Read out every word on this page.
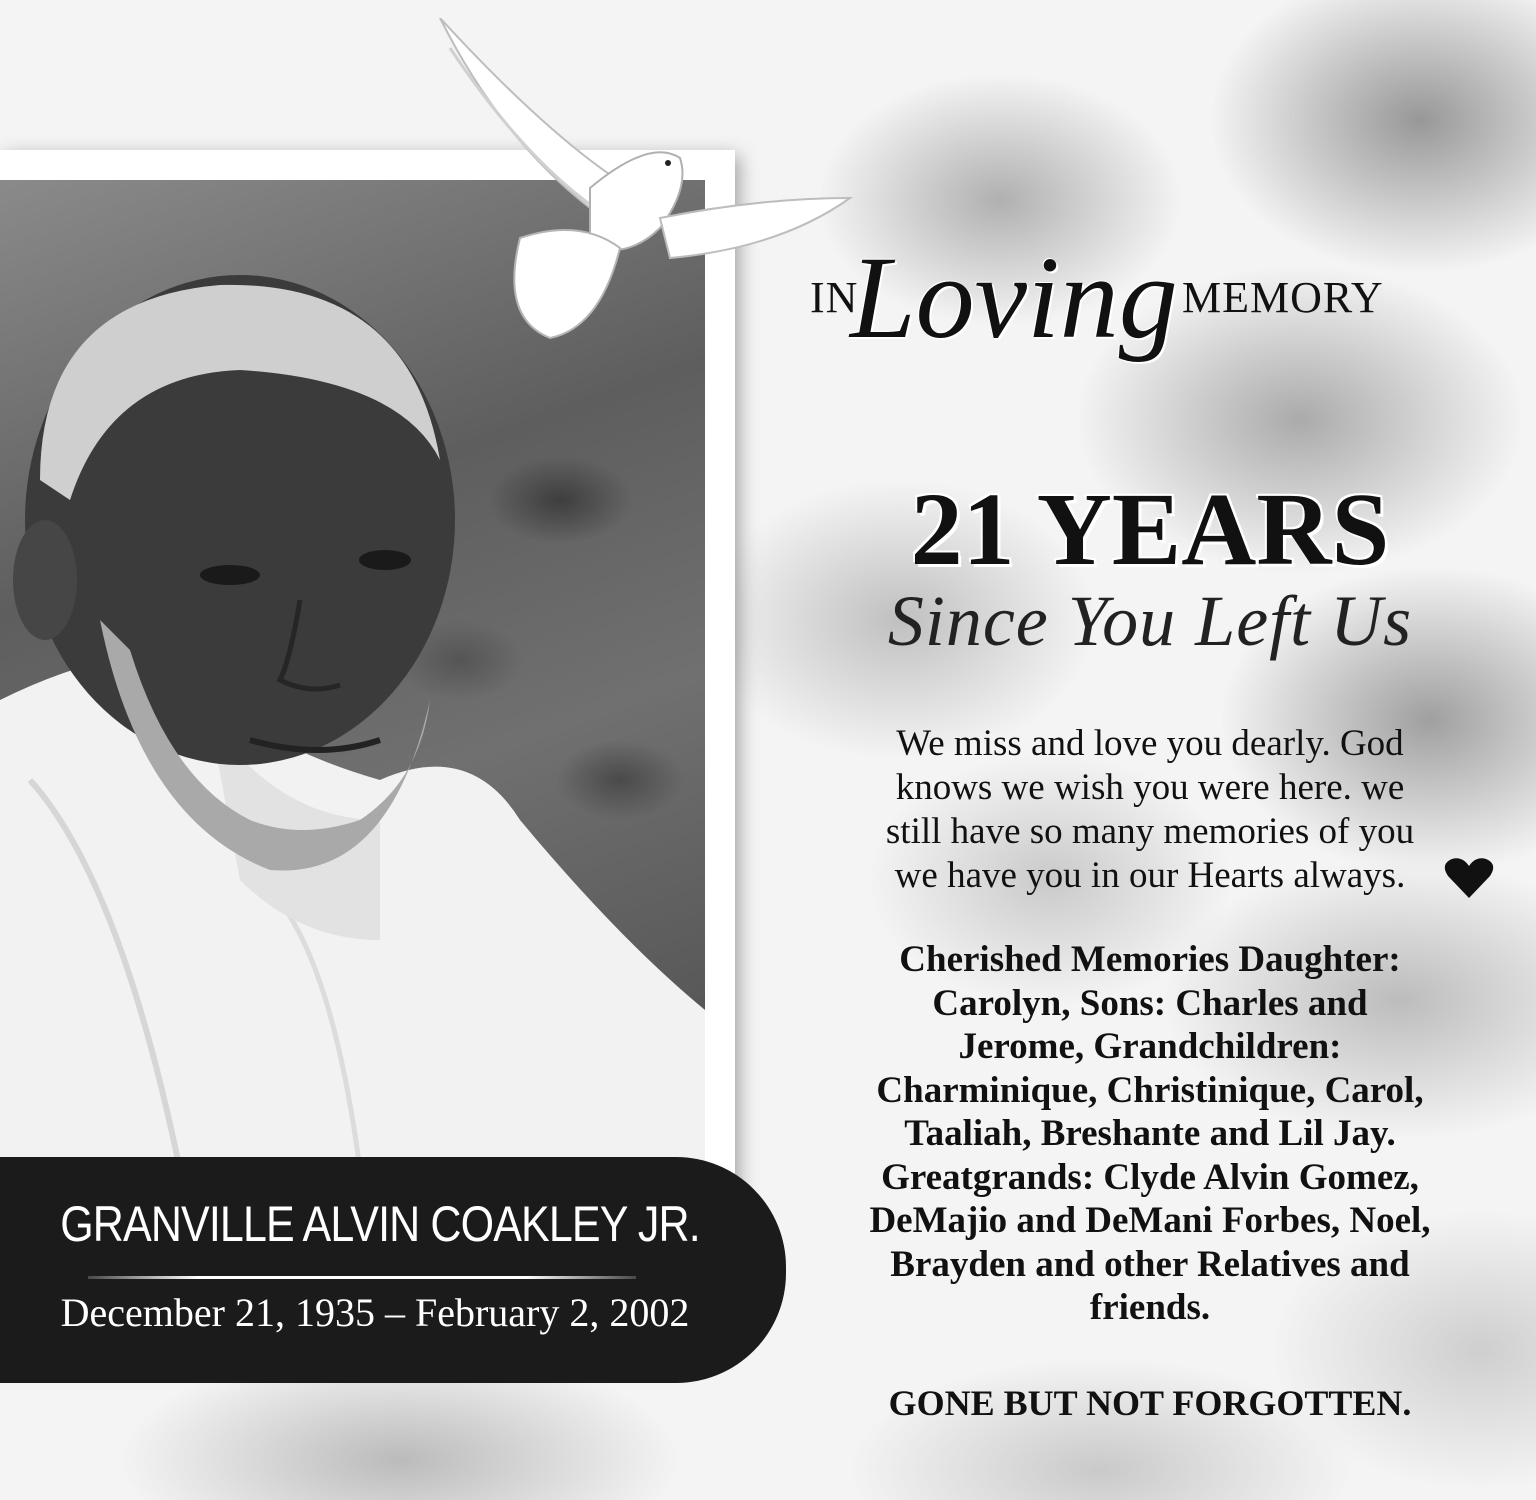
IN
Loving MEMORY
21 YEARS
Since You Left Us
We miss and love you dearly. God
knows we wish you were here. we
still have so many memories of you
we have you in our Hearts always.
Cherished Memories Daughter:
Carolyn, Sons: Charles and
Jerome, Grandchildren:
Charminique, Christinique, Carol,
Taaliah, Breshante and Lil Jay.
Greatgrands: Clyde Alvin Gomez,
DeMajio and DeMani Forbes, Noel,
Brayden and other Relatives and
friends.
GONE BUT NOT FORGOTTEN.
GRANVILLE ALVIN COAKLEY JR.
December 21, 1935 – February 2, 2002
